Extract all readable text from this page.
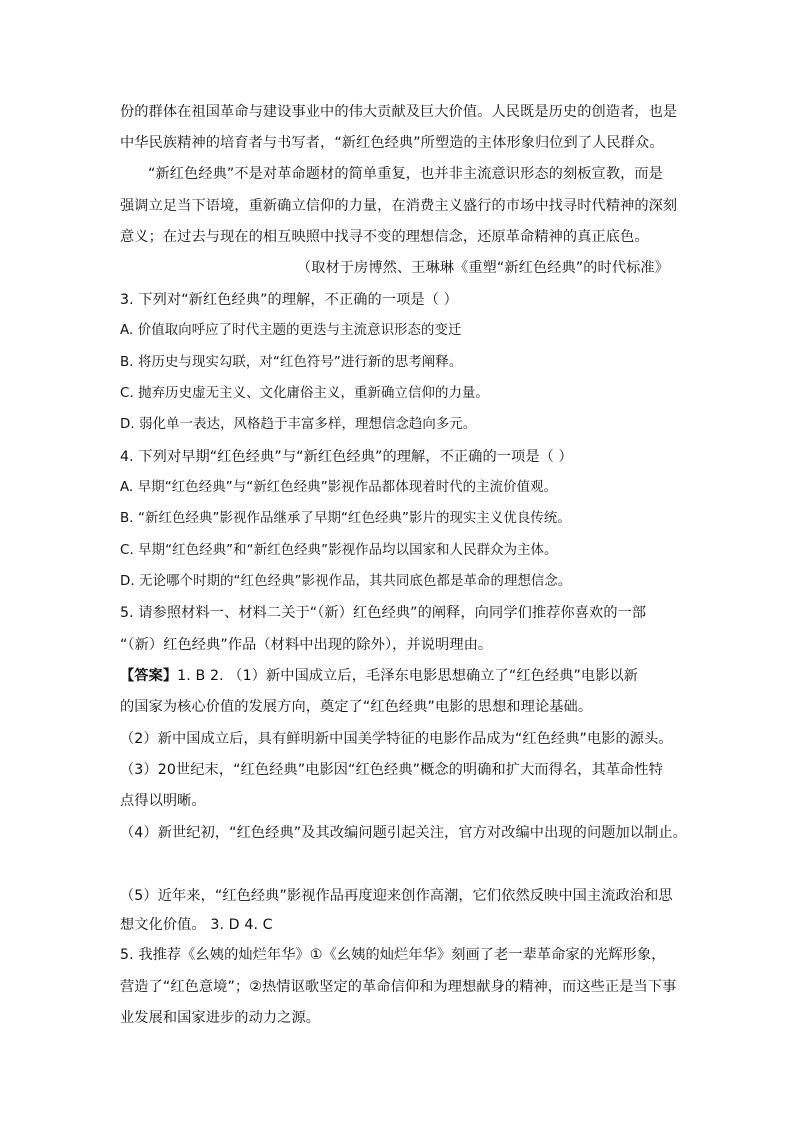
份的群体在祖国革命与建设事业中的伟大贡献及巨大价值。人民既是历史的创造者，也是
中华民族精神的培育者与书写者，“新红色经典”所塑造的主体形象归位到了人民群众。
“新红色经典”不是对革命题材的简单重复，也并非主流意识形态的刻板宣教，而是
强调立足当下语境，重新确立信仰的力量，在消费主义盛行的市场中找寻时代精神的深刻
意义；在过去与现在的相互映照中找寻不变的理想信念，还原革命精神的真正底色。
（取材于房博然、王琳琳《重塑“新红色经典”的时代标准》
3. 下列对“新红色经典”的理解，不正确的一项是（ ）
A. 价值取向呼应了时代主题的更迭与主流意识形态的变迁
B. 将历史与现实勾联，对“红色符号”进行新的思考阐释。
C. 抛弃历史虚无主义、文化庸俗主义，重新确立信仰的力量。
D. 弱化单一表达，风格趋于丰富多样，理想信念趋向多元。
4. 下列对早期“红色经典”与“新红色经典”的理解，不正确的一项是（ ）
A. 早期“红色经典”与“新红色经典”影视作品都体现着时代的主流价值观。
B. “新红色经典”影视作品继承了早期“红色经典”影片的现实主义优良传统。
C. 早期“红色经典”和“新红色经典”影视作品均以国家和人民群众为主体。
D. 无论哪个时期的“红色经典”影视作品，其共同底色都是革命的理想信念。
5. 请参照材料一、材料二关于“（新）红色经典”的阐释，向同学们推荐你喜欢的一部
“（新）红色经典”作品（材料中出现的除外），并说明理由。
【答案】1. B 2. （1）新中国成立后，毛泽东电影思想确立了“红色经典”电影以新
的国家为核心价值的发展方向，奠定了“红色经典”电影的思想和理论基础。
（2）新中国成立后，具有鲜明新中国美学特征的电影作品成为“红色经典”电影的源头。
（3）20世纪末，“红色经典”电影因“红色经典”概念的明确和扩大而得名，其革命性特
点得以明晰。
（4）新世纪初，“红色经典”及其改编问题引起关注，官方对改编中出现的问题加以制止。
（5）近年来，“红色经典”影视作品再度迎来创作高潮，它们依然反映中国主流政治和思
想文化价值。 3. D 4. C
5. 我推荐《幺姨的灿烂年华》①《幺姨的灿烂年华》刻画了老一辈革命家的光辉形象，
营造了“红色意境”；②热情讴歌坚定的革命信仰和为理想献身的精神，而这些正是当下事
业发展和国家进步的动力之源。
